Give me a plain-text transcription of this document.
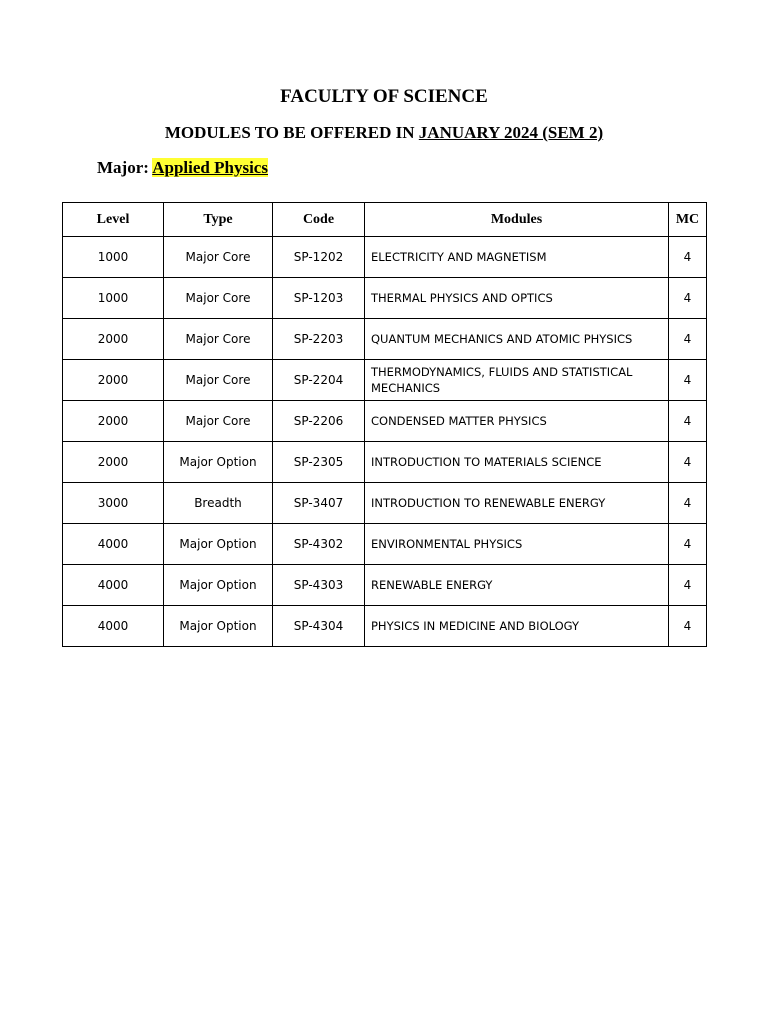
FACULTY OF SCIENCE
MODULES TO BE OFFERED IN JANUARY 2024 (SEM 2)
Major: Applied Physics
Level	Type	Code	Modules	MC
1000	Major Core	SP-1202	ELECTRICITY AND MAGNETISM	4
1000	Major Core	SP-1203	THERMAL PHYSICS AND OPTICS	4
2000	Major Core	SP-2203	QUANTUM MECHANICS AND ATOMIC PHYSICS	4
2000	Major Core	SP-2204	THERMODYNAMICS, FLUIDS AND STATISTICAL MECHANICS	4
2000	Major Core	SP-2206	CONDENSED MATTER PHYSICS	4
2000	Major Option	SP-2305	INTRODUCTION TO MATERIALS SCIENCE	4
3000	Breadth	SP-3407	INTRODUCTION TO RENEWABLE ENERGY	4
4000	Major Option	SP-4302	ENVIRONMENTAL PHYSICS	4
4000	Major Option	SP-4303	RENEWABLE ENERGY	4
4000	Major Option	SP-4304	PHYSICS IN MEDICINE AND BIOLOGY	4
